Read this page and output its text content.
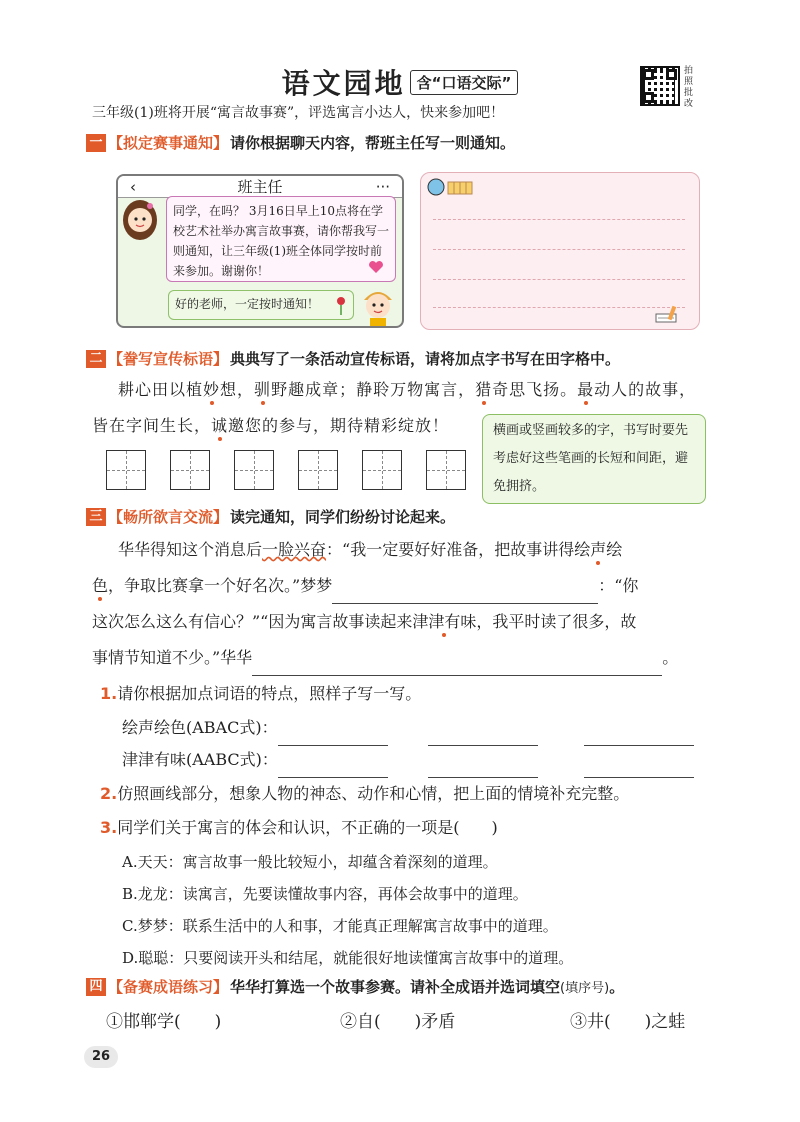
语文园地 含“口语交际”
拍照批改
三年级(1)班将开展“寓言故事赛”，评选寓言小达人，快来参加吧！
一 【拟定赛事通知】 请你根据聊天内容，帮班主任写一则通知。
‹	班主任	···
同学，在吗？ 3月16日早上10点将在学校艺术社举办寓言故事赛，请你帮我写一则通知，让三年级(1)班全体同学按时前来参加。谢谢你！
好的老师，一定按时通知！
二 【誊写宣传标语】 典典写了一条活动宣传标语，请将加点字书写在田字格中。
耕心田以植妙想，驯野趣成章；静聆万物寓言，猎奇思飞扬。最动人的故事，
皆在字间生长，诚邀您的参与，期待精彩绽放！	横画或竖画较多的字，书写时要先考虑好这些笔画的长短和间距，避免拥挤。
三 【畅所欲言交流】 读完通知，同学们纷纷讨论起来。
华华得知这个消息后一脸兴奋：“我一定要好好准备，把故事讲得绘声绘
色，争取比赛拿一个好名次。”梦梦	：“你
这次怎么这么有信心？”“因为寓言故事读起来津津有味，我平时读了很多，故
事情节知道不少。”华华	。
1.请你根据加点词语的特点，照样子写一写。
绘声绘色(ABAC式)：
津津有味(AABC式)：
2.仿照画线部分，想象人物的神态、动作和心情，把上面的情境补充完整。
3.同学们关于寓言的体会和认识，不正确的一项是(　　)
A.天天：寓言故事一般比较短小，却蕴含着深刻的道理。
B.龙龙：读寓言，先要读懂故事内容，再体会故事中的道理。
C.梦梦：联系生活中的人和事，才能真正理解寓言故事中的道理。
D.聪聪：只要阅读开头和结尾，就能很好地读懂寓言故事中的道理。
四 【备赛成语练习】 华华打算选一个故事参赛。请补全成语并选词填空 (填序号) 。
①邯郸学(　　)	②自(　　)矛盾	③井(　　)之蛙
26
